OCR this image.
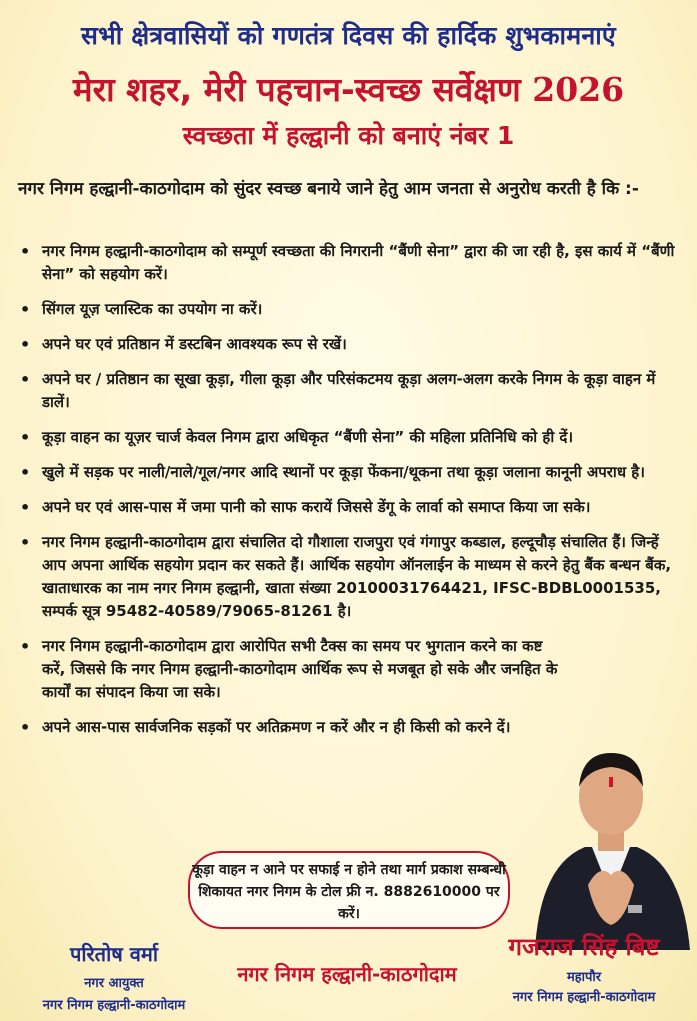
सभी क्षेत्रवासियों को गणतंत्र दिवस की हार्दिक शुभकामनाएं
मेरा शहर, मेरी पहचान-स्वच्छ सर्वेक्षण 2026
स्वच्छता में हल्द्वानी को बनाएं नंबर 1
नगर निगम हल्द्वानी-काठगोदाम को सुंदर स्वच्छ बनाये जाने हेतु आम जनता से अनुरोध करती है कि :-
• नगर निगम हल्द्वानी-काठगोदाम को सम्पूर्ण स्वच्छता की निगरानी “बैंणी सेना” द्वारा की जा रही है, इस कार्य में “बैंणी सेना” को सहयोग करें।
• सिंगल यूज़ प्लास्टिक का उपयोग ना करें।
• अपने घर एवं प्रतिष्ठान में डस्टबिन आवश्यक रूप से रखें।
• अपने घर / प्रतिष्ठान का सूखा कूड़ा, गीला कूड़ा और परिसंकटमय कूड़ा अलग-अलग करके निगम के कूड़ा वाहन में डालें।
• कूड़ा वाहन का यूज़र चार्ज केवल निगम द्वारा अधिकृत “बैंणी सेना” की महिला प्रतिनिधि को ही दें।
• खुले में सड़क पर नाली/नाले/गूल/नगर आदि स्थानों पर कूड़ा फेंकना/थूकना तथा कूड़ा जलाना कानूनी अपराध है।
• अपने घर एवं आस-पास में जमा पानी को साफ करायें जिससे डेंगू के लार्वा को समाप्त किया जा सके।
• नगर निगम हल्द्वानी-काठगोदाम द्वारा संचालित दो गौशाला राजपुरा एवं गंगापुर कब्डाल, हल्दूचौड़ संचालित हैं। जिन्हें आप अपना आर्थिक सहयोग प्रदान कर सकते हैं। आर्थिक सहयोग ऑनलाईन के माध्यम से करने हेतु बैंक बन्धन बैंक, खाताधारक का नाम नगर निगम हल्द्वानी, खाता संख्या 20100031764421, IFSC-BDBL0001535, सम्पर्क सूत्र 95482-40589/79065-81261 है।
• नगर निगम हल्द्वानी-काठगोदाम द्वारा आरोपित सभी टैक्स का समय पर भुगतान करने का कष्ट करें, जिससे कि नगर निगम हल्द्वानी-काठगोदाम आर्थिक रूप से मजबूत हो सके और जनहित के कार्यों का संपादन किया जा सके।
• अपने आस-पास सार्वजनिक सड़कों पर अतिक्रमण न करें और न ही किसी को करने दें।
कूड़ा वाहन न आने पर सफाई न होने तथा मार्ग प्रकाश सम्बन्धी शिकायत नगर निगम के टोल फ्री न. 8882610000 पर करें।
परितोष वर्मा
नगर आयुक्त
नगर निगम हल्द्वानी-काठगोदाम
नगर निगम हल्द्वानी-काठगोदाम
गजराज सिंह बिष्ट
महापौर
नगर निगम हल्द्वानी-काठगोदाम
